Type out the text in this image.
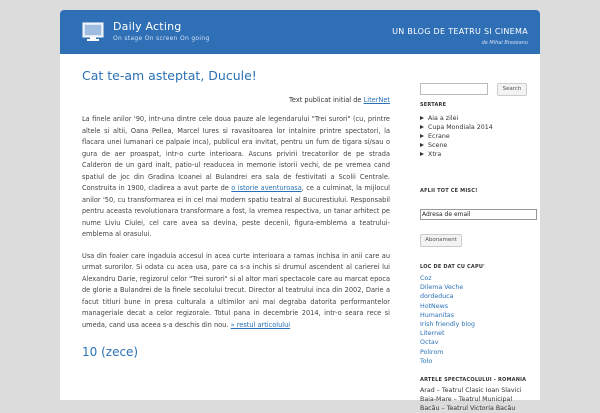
Daily Acting
On stage On screen On going
UN BLOG DE TEATRU SI CINEMA
de Mihai Brezeanu
Cat te-am asteptat, Ducule!
Text publicat initial de LiterNet

La finele anilor '90, intr-una dintre cele doua pauze ale legendarului "Trei surori" (cu, printre altele si altii, Oana Pellea, Marcel Iures si ravasitoarea lor intalnire printre spectatori, la flacara unei lumanari ce palpaie inca), publicul era invitat, pentru un fum de tigara si/sau o gura de aer proaspat, intr-o curte interioara. Ascuns privirii trecatorilor de pe strada Calderon de un gard inalt, patio-ul readucea in memorie istorii vechi, de pe vremea cand spatiul de joc din Gradina Icoanei al Bulandrei era sala de festivitati a Scolii Centrale. Construita in 1900, cladirea a avut parte de o istorie aventuroasa, ce a culminat, la mijlocul anilor '50, cu transformarea ei in cel mai modern spatiu teatral al Bucurestiului. Responsabil pentru aceasta revolutionara transformare a fost, la vremea respectiva, un tanar arhitect pe nume Liviu Ciulei, cel care avea sa devina, peste decenii, figura-emblema a teatrului-emblema al orasului.

Usa din foaier care ingaduia accesul in acea curte interioara a ramas inchisa in anii care au urmat surorilor. Si odata cu acea usa, pare ca s-a inchis si drumul ascendent al carierei lui Alexandru Darie, regizorul celor "Trei surori" si al altor mari spectacole care au marcat epoca de glorie a Bulandrei de la finele secolului trecut. Director al teatrului inca din 2002, Darie a facut titluri bune in presa culturala a ultimilor ani mai degraba datorita performantelor manageriale decat a celor regizorale. Totul pana in decembrie 2014, intr-o seara rece si umeda, cand usa aceea s-a deschis din nou. » restul articolului

10 (zece)
Search
SERTARE
Aia a zilei
Cupa Mondiala 2014
Ecrane
Scene
Xtra
AFLII TOT CE MISC!
Adresa de email
Abonament
LOC DE DAT CU CAPU'
Coz
Dilema Veche
dordeduca
HotNews
Humanitas
Irish friendly blog
Liternet
Octav
Polirom
Tolo
ARTELE SPECTACOLULUI - ROMANIA
Arad – Teatrul Clasic Ioan Slavici
Baia-Mare – Teatrul Municipal
Bacău – Teatrul Victoria Bacău
